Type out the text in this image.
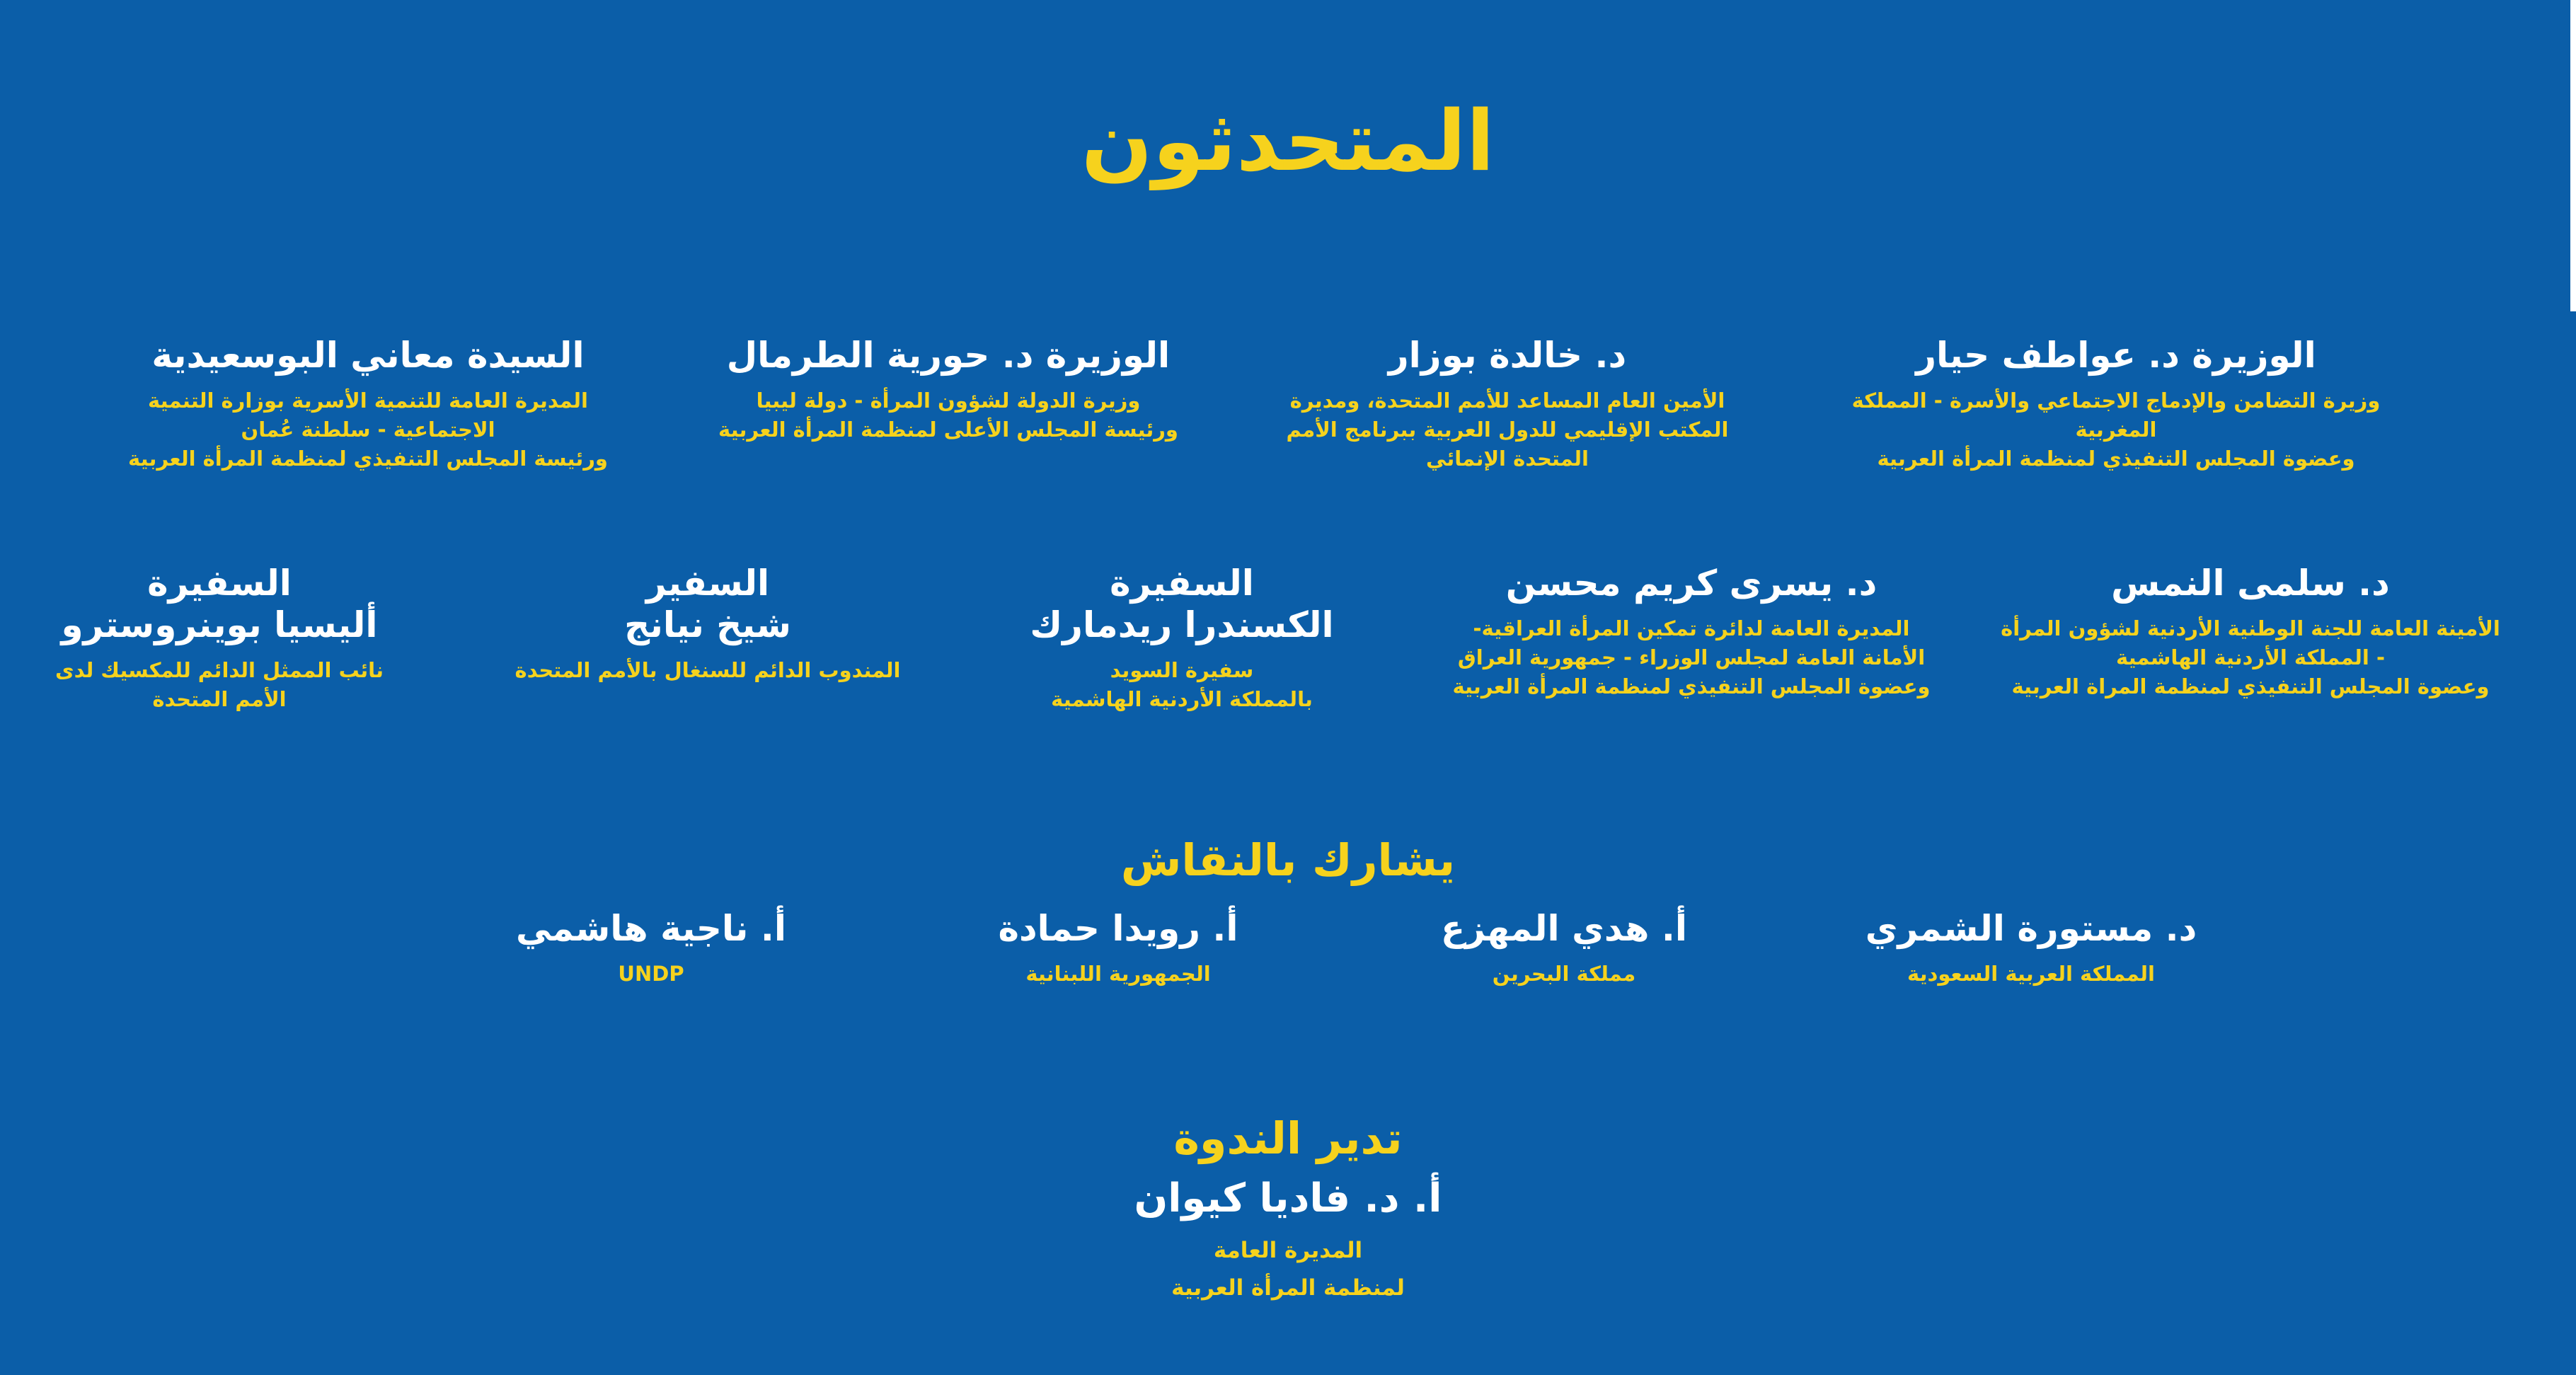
المتحدثون
الوزيرة د. عواطف حيار
وزيرة التضامن والإدماج الاجتماعي والأسرة - المملكة المغربية
وعضوة المجلس التنفيذي لمنظمة المرأة العربية
د. خالدة بوزار
الأمين العام المساعد للأمم المتحدة، ومديرة
المكتب الإقليمي للدول العربية ببرنامج الأمم
المتحدة الإنمائي
الوزيرة د. حورية الطرمال
وزيرة الدولة لشؤون المرأة - دولة ليبيا
ورئيسة المجلس الأعلى لمنظمة المرأة العربية
السيدة معاني البوسعيدية
المديرة العامة للتنمية الأسرية بوزارة التنمية
الاجتماعية - سلطنة عُمان
ورئيسة المجلس التنفيذي لمنظمة المرأة العربية
د. سلمى النمس
الأمينة العامة للجنة الوطنية الأردنية لشؤون المرأة
- المملكة الأردنية الهاشمية
وعضوة المجلس التنفيذي لمنظمة المراة العربية
د. يسرى كريم محسن
المديرة العامة لدائرة تمكين المرأة العراقية-
الأمانة العامة لمجلس الوزراء - جمهورية العراق
وعضوة المجلس التنفيذي لمنظمة المرأة العربية
السفيرة
الكسندرا ريدمارك
سفيرة السويد
بالمملكة الأردنية الهاشمية
السفير
شيخ نيانج
المندوب الدائم للسنغال بالأمم المتحدة
السفيرة
أليسيا بوينروسترو
نائب الممثل الدائم للمكسيك لدى
الأمم المتحدة
يشارك بالنقاش
د. مستورة الشمري
المملكة العربية السعودية
أ. هدي المهزع
مملكة البحرين
أ. رويدا حمادة
الجمهورية اللبنانية
أ. ناجية هاشمي
UNDP
تدير الندوة
أ. د. فاديا كيوان
المديرة العامة
لمنظمة المرأة العربية
